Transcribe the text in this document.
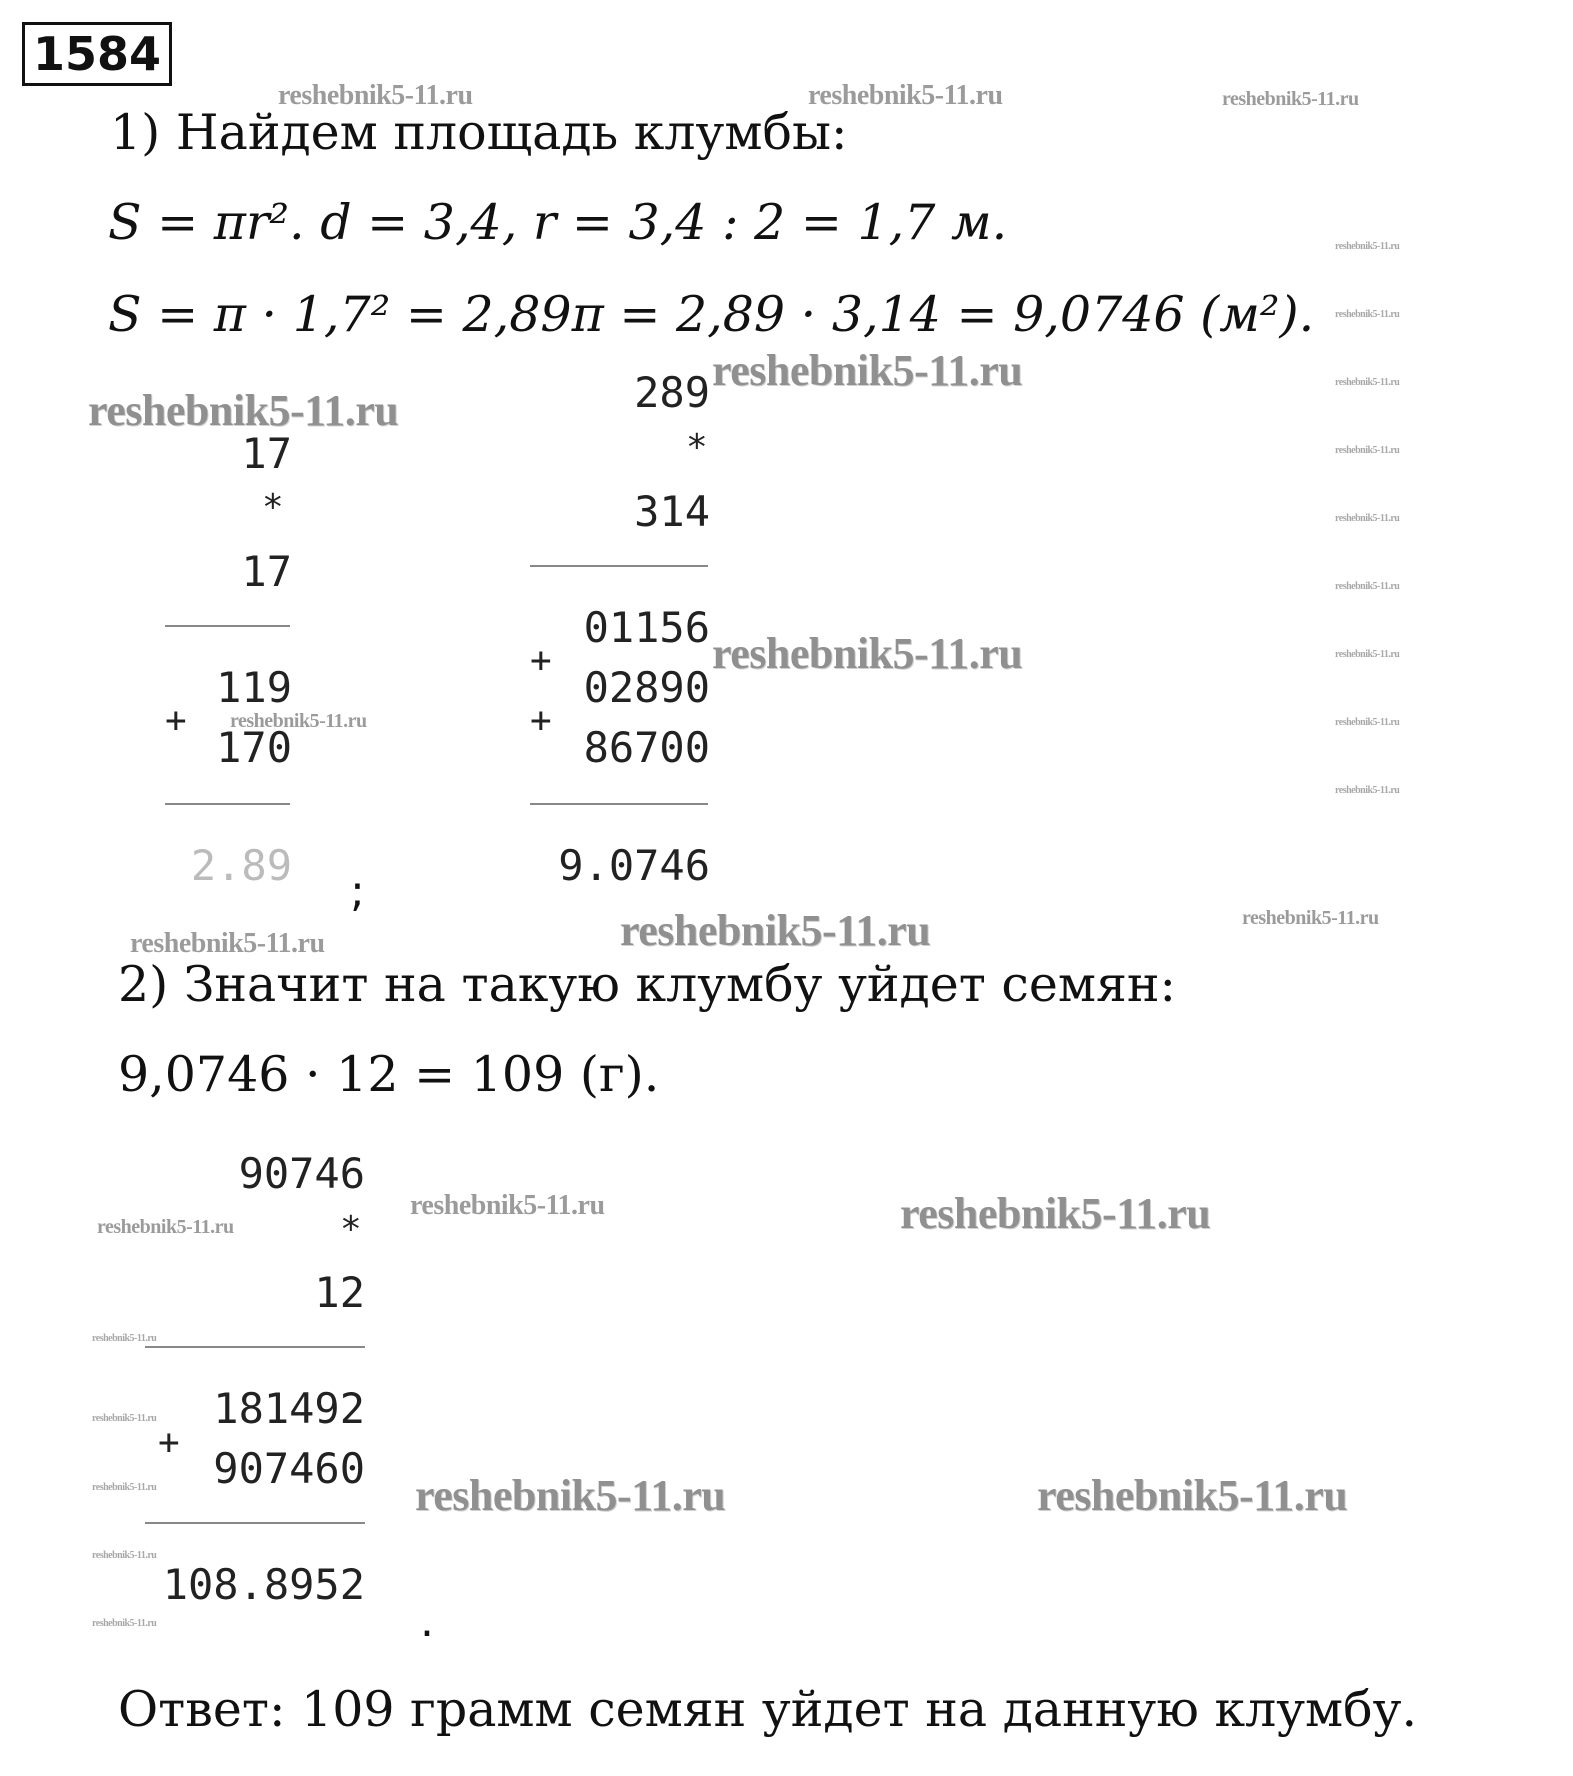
1584
1) Найдем площадь клумбы:
S = πr². d = 3,4, r = 3,4 : 2 = 1,7 м.
S = π · 1,7² = 2,89π = 2,89 · 3,14 = 9,0746 (м²).
17
*
17
119
+
170
2.89
;
289
*
314
01156
+
02890
+
86700
9.0746
2) Значит на такую клумбу уйдет семян:
9,0746 · 12 = 109 (г).
90746
*
12
181492
+
907460
108.8952
.
Ответ: 109 грамм семян уйдет на данную клумбу.
reshebnik5-11.ru	reshebnik5-11.ru	reshebnik5-11.ru
reshebnik5-11.ru
reshebnik5-11.ru
reshebnik5-11.ru
reshebnik5-11.ru
reshebnik5-11.ru	reshebnik5-11.ru	reshebnik5-11.ru
reshebnik5-11.ru	reshebnik5-11.ru
reshebnik5-11.ru
reshebnik5-11.ru	reshebnik5-11.ru
reshebnik5-11.ru
reshebnik5-11.ru
reshebnik5-11.ru
reshebnik5-11.ru
reshebnik5-11.ru
reshebnik5-11.ru
reshebnik5-11.ru
reshebnik5-11.ru
reshebnik5-11.ru
reshebnik5-11.ru
reshebnik5-11.ru
reshebnik5-11.ru
reshebnik5-11.ru
reshebnik5-11.ru
